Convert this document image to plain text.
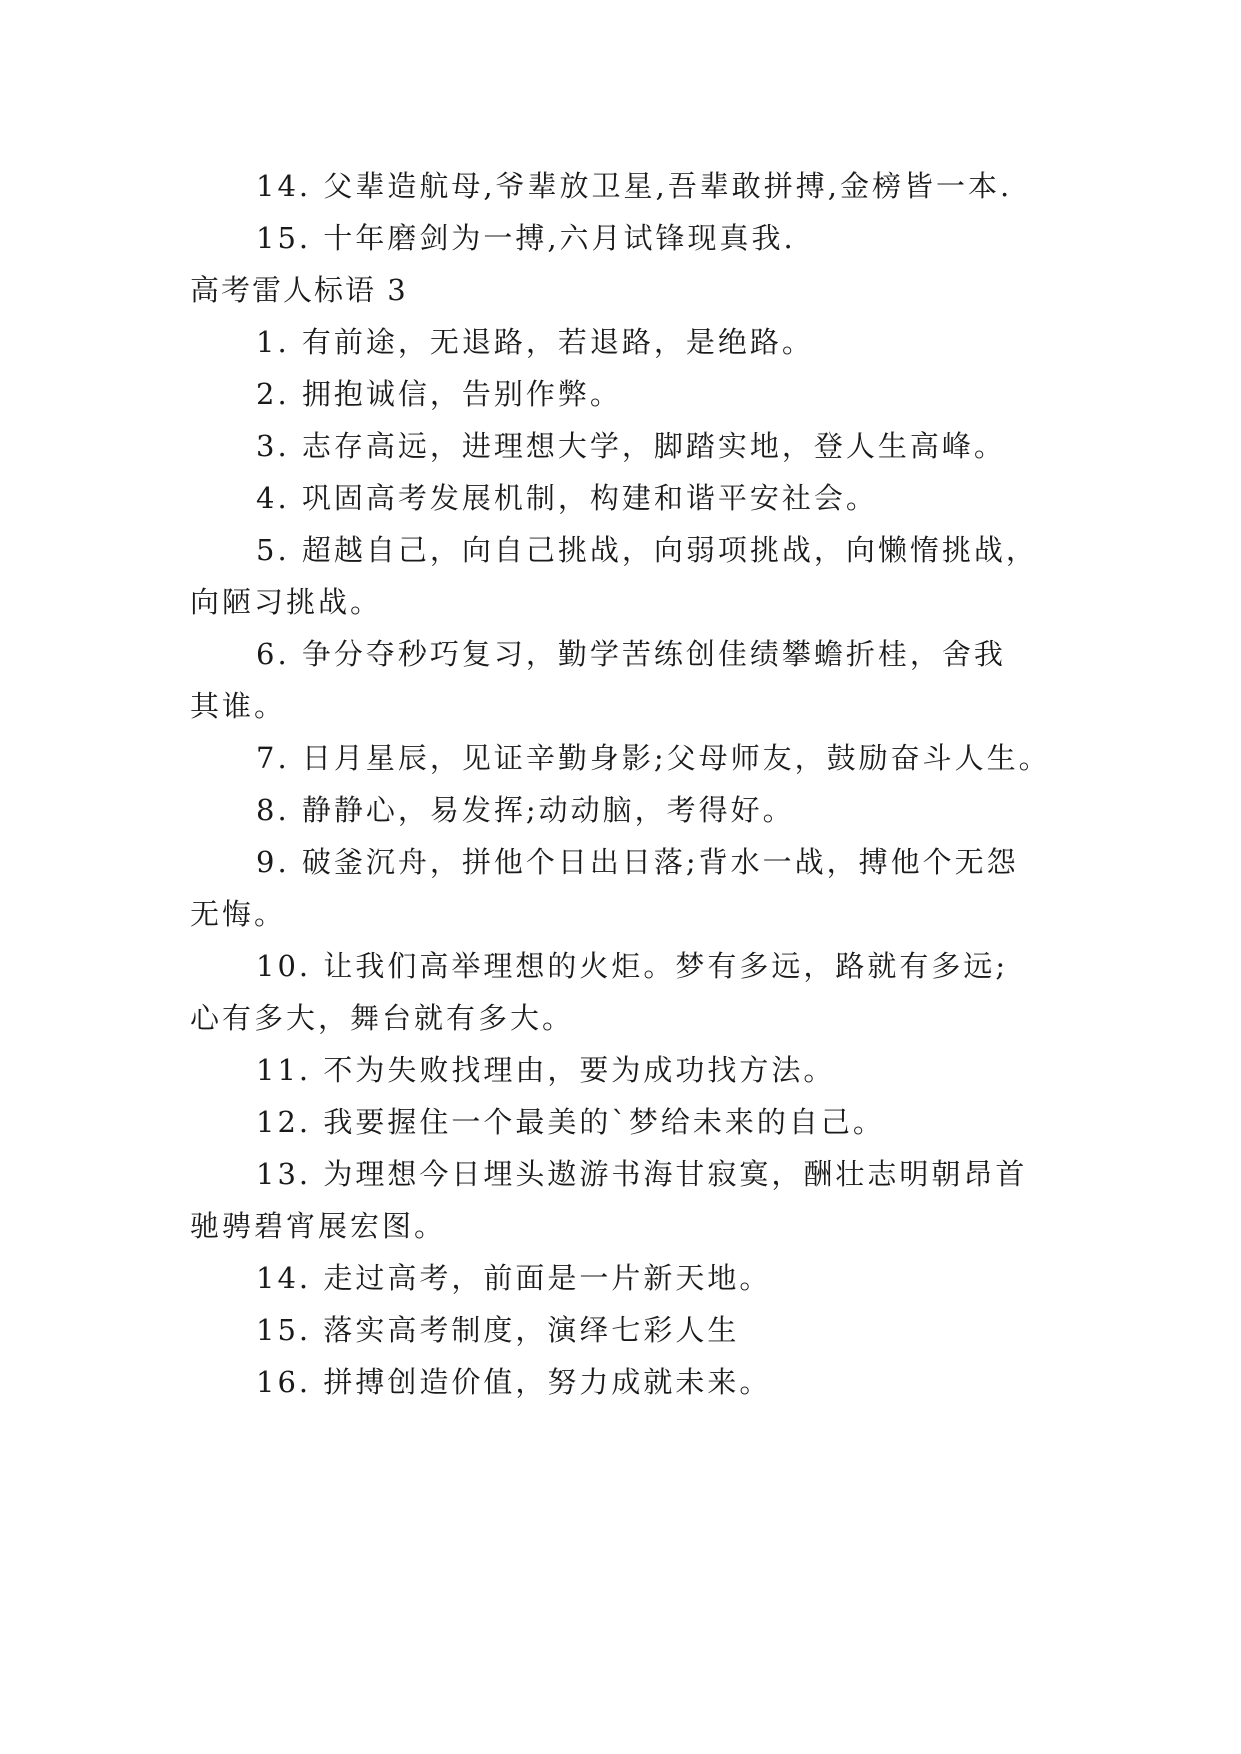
14. 父辈造航母,爷辈放卫星,吾辈敢拼搏,金榜皆一本.
15. 十年磨剑为一搏,六月试锋现真我.
高考雷人标语 3
1. 有前途，无退路，若退路，是绝路。
2. 拥抱诚信，告别作弊。
3. 志存高远，进理想大学，脚踏实地，登人生高峰。
4. 巩固高考发展机制，构建和谐平安社会。
5. 超越自己，向自己挑战，向弱项挑战，向懒惰挑战，
向陋习挑战。
6. 争分夺秒巧复习，勤学苦练创佳绩攀蟾折桂，舍我
其谁。
7. 日月星辰，见证辛勤身影;父母师友，鼓励奋斗人生。
8. 静静心，易发挥;动动脑，考得好。
9. 破釜沉舟，拼他个日出日落;背水一战，搏他个无怨
无悔。
10. 让我们高举理想的火炬。梦有多远，路就有多远;
心有多大，舞台就有多大。
11. 不为失败找理由，要为成功找方法。
12. 我要握住一个最美的`梦给未来的自己。
13. 为理想今日埋头遨游书海甘寂寞，酬壮志明朝昂首
驰骋碧宵展宏图。
14. 走过高考，前面是一片新天地。
15. 落实高考制度，演绎七彩人生
16. 拼搏创造价值，努力成就未来。
